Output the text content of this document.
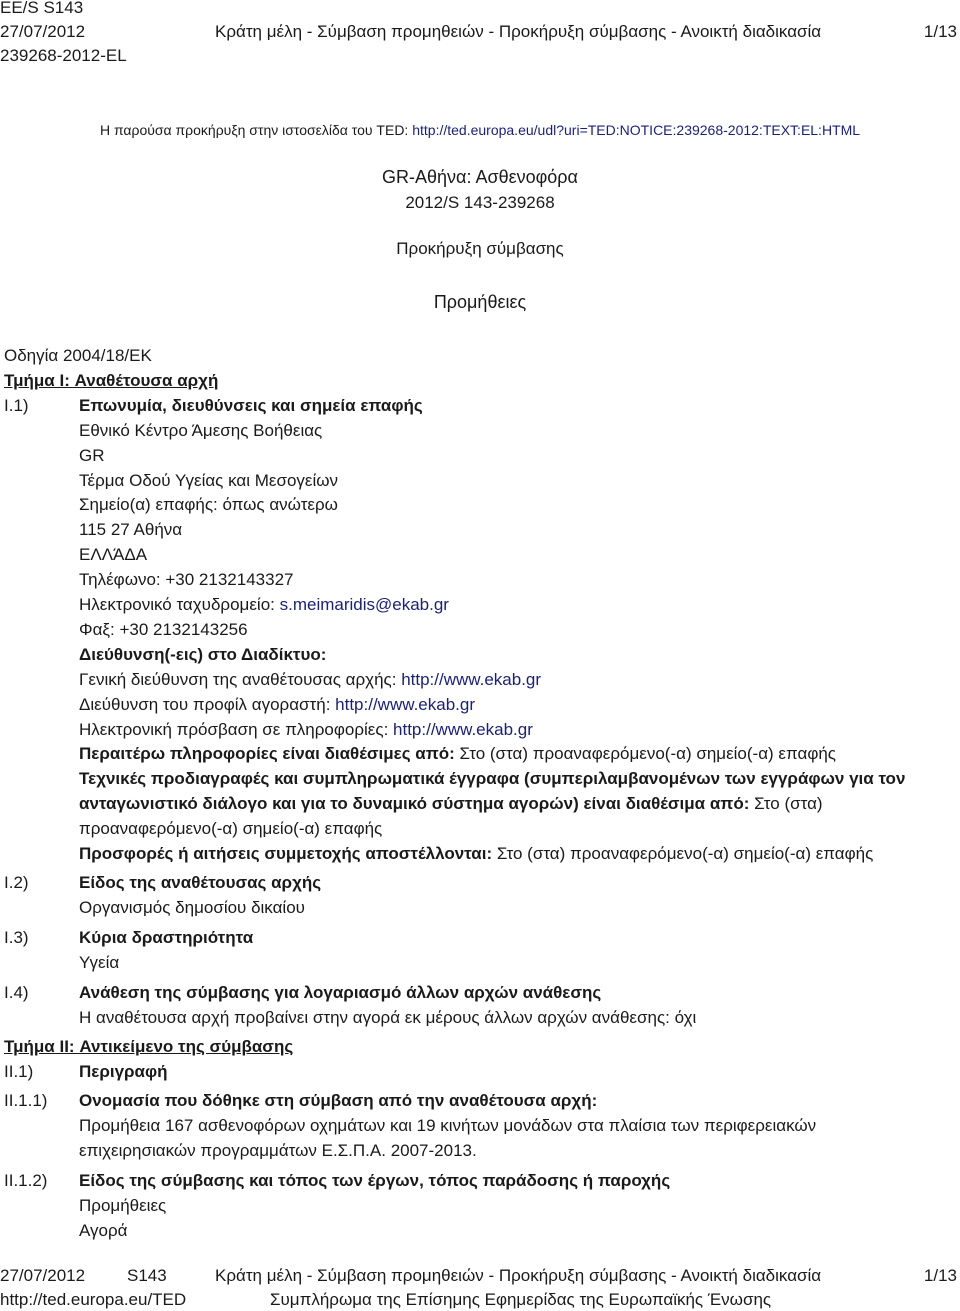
EE/S S143
27/07/2012
239268-2012-EL
Κράτη μέλη - Σύμβαση προμηθειών - Προκήρυξη σύμβασης - Ανοικτή διαδικασία	1/13
Η παρούσα προκήρυξη στην ιστοσελίδα του TED: http://ted.europa.eu/udl?uri=TED:NOTICE:239268-2012:TEXT:EL:HTML
GR-Αθήνα: Ασθενοφόρα
2012/S 143-239268
Προκήρυξη σύμβασης
Προμήθειες
Οδηγία 2004/18/ΕΚ
Τμήμα I: Αναθέτουσα αρχή
I.1)	Επωνυμία, διευθύνσεις και σημεία επαφής
Εθνικό Κέντρο Άμεσης Βοήθειας
GR
Τέρμα Οδού Υγείας και Μεσογείων
Σημείο(α) επαφής: όπως ανώτερω
115 27 Αθήνα
ΕΛΛΆΔΑ
Τηλέφωνο: +30 2132143327
Ηλεκτρονικό ταχυδρομείο: s.meimaridis@ekab.gr
Φαξ: +30 2132143256
Διεύθυνση(-εις) στο Διαδίκτυο:
Γενική διεύθυνση της αναθέτουσας αρχής: http://www.ekab.gr
Διεύθυνση του προφίλ αγοραστή: http://www.ekab.gr
Ηλεκτρονική πρόσβαση σε πληροφορίες: http://www.ekab.gr
Περαιτέρω πληροφορίες είναι διαθέσιμες από: Στο (στα) προαναφερόμενο(-α) σημείο(-α) επαφής
Τεχνικές προδιαγραφές και συμπληρωματικά έγγραφα (συμπεριλαμβανομένων των εγγράφων για τον ανταγωνιστικό διάλογο και για το δυναμικό σύστημα αγορών) είναι διαθέσιμα από: Στο (στα) προαναφερόμενο(-α) σημείο(-α) επαφής
Προσφορές ή αιτήσεις συμμετοχής αποστέλλονται: Στο (στα) προαναφερόμενο(-α) σημείο(-α) επαφής
I.2)	Είδος της αναθέτουσας αρχής
Οργανισμός δημοσίου δικαίου
I.3)	Κύρια δραστηριότητα
Υγεία
I.4)	Ανάθεση της σύμβασης για λογαριασμό άλλων αρχών ανάθεσης
Η αναθέτουσα αρχή προβαίνει στην αγορά εκ μέρους άλλων αρχών ανάθεσης: όχι
Τμήμα II: Αντικείμενο της σύμβασης
II.1)	Περιγραφή
II.1.1) Ονομασία που δόθηκε στη σύμβαση από την αναθέτουσα αρχή:
Προμήθεια 167 ασθενοφόρων οχημάτων και 19 κινήτων μονάδων στα πλαίσια των περιφερειακών επιχειρησιακών προγραμμάτων Ε.Σ.Π.Α. 2007-2013.
II.1.2) Είδος της σύμβασης και τόπος των έργων, τόπος παράδοσης ή παροχής
Προμήθειες
Αγορά
27/07/2012 S143	Κράτη μέλη - Σύμβαση προμηθειών - Προκήρυξη σύμβασης - Ανοικτή διαδικασία	1/13
http://ted.europa.eu/TED	Συμπλήρωμα της Επίσημης Εφημερίδας της Ευρωπαϊκής Ένωσης
